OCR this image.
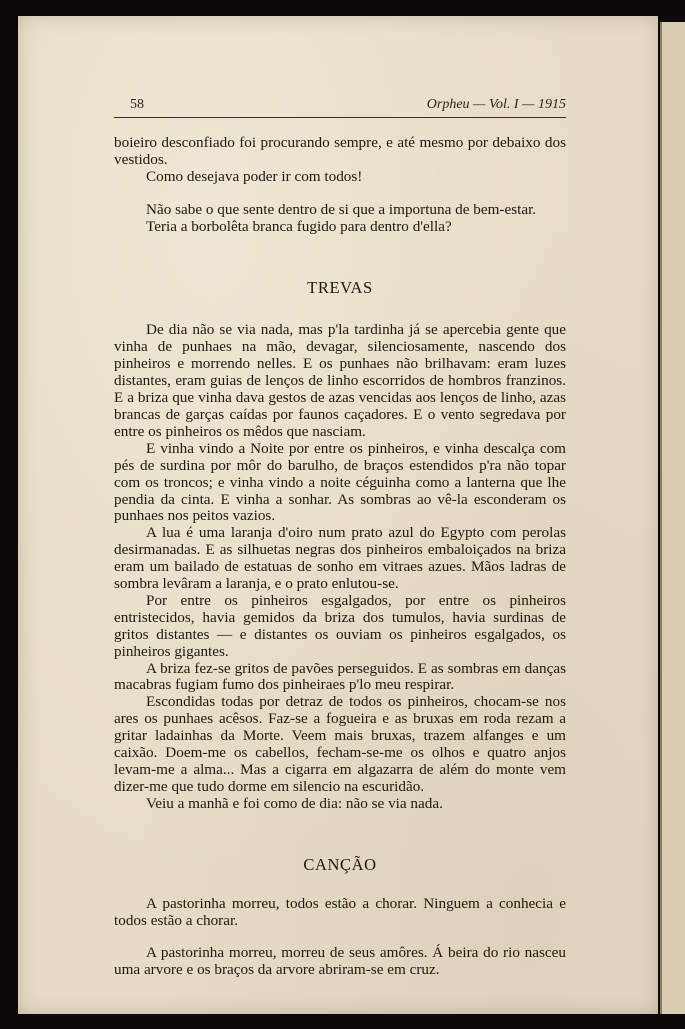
58	Orpheu — Vol. I — 1915

boieiro desconfiado foi procurando sempre, e até mesmo por debaixo dos vestidos.

Como desejava poder ir com todos!

Não sabe o que sente dentro de si que a importuna de bem-estar.

Teria a borbolêta branca fugido para dentro d'ella?

TREVAS

De dia não se via nada, mas p'la tardinha já se apercebia gente que vinha de punhaes na mão, devagar, silenciosamente, nascendo dos pinheiros e morrendo nelles. E os punhaes não brilhavam: eram luzes distantes, eram guias de lenços de linho escorridos de hombros franzinos. E a briza que vinha dava gestos de azas vencidas aos lenços de linho, azas brancas de garças caídas por faunos caçadores. E o vento segredava por entre os pinheiros os mêdos que nasciam.

E vinha vindo a Noite por entre os pinheiros, e vinha descalça com pés de surdina por môr do barulho, de braços estendidos p'ra não topar com os troncos; e vinha vindo a noite céguinha como a lanterna que lhe pendia da cinta. E vinha a sonhar. As sombras ao vê-la esconderam os punhaes nos peitos vazios.

A lua é uma laranja d'oiro num prato azul do Egypto com perolas desirmanadas. E as silhuetas negras dos pinheiros embaloiçados na briza eram um bailado de estatuas de sonho em vitraes azues. Mãos ladras de sombra levâram a laranja, e o prato enlutou-se.

Por entre os pinheiros esgalgados, por entre os pinheiros entristecidos, havia gemidos da briza dos tumulos, havia surdinas de gritos distantes — e distantes os ouviam os pinheiros esgalgados, os pinheiros gigantes.

A briza fez-se gritos de pavões perseguidos. E as sombras em danças macabras fugiam fumo dos pinheiraes p'lo meu respirar.

Escondidas todas por detraz de todos os pinheiros, chocam-se nos ares os punhaes acêsos. Faz-se a fogueira e as bruxas em roda rezam a gritar ladainhas da Morte. Veem mais bruxas, trazem alfanges e um caixão. Doem-me os cabellos, fecham-se-me os olhos e quatro anjos levam-me a alma... Mas a cigarra em algazarra de além do monte vem dizer-me que tudo dorme em silencio na escuridão.

Veiu a manhã e foi como de dia: não se via nada.

CANÇÃO

A pastorinha morreu, todos estão a chorar. Ninguem a conhecia e todos estão a chorar.

A pastorinha morreu, morreu de seus amôres. Á beira do rio nasceu uma arvore e os braços da arvore abriram-se em cruz.
